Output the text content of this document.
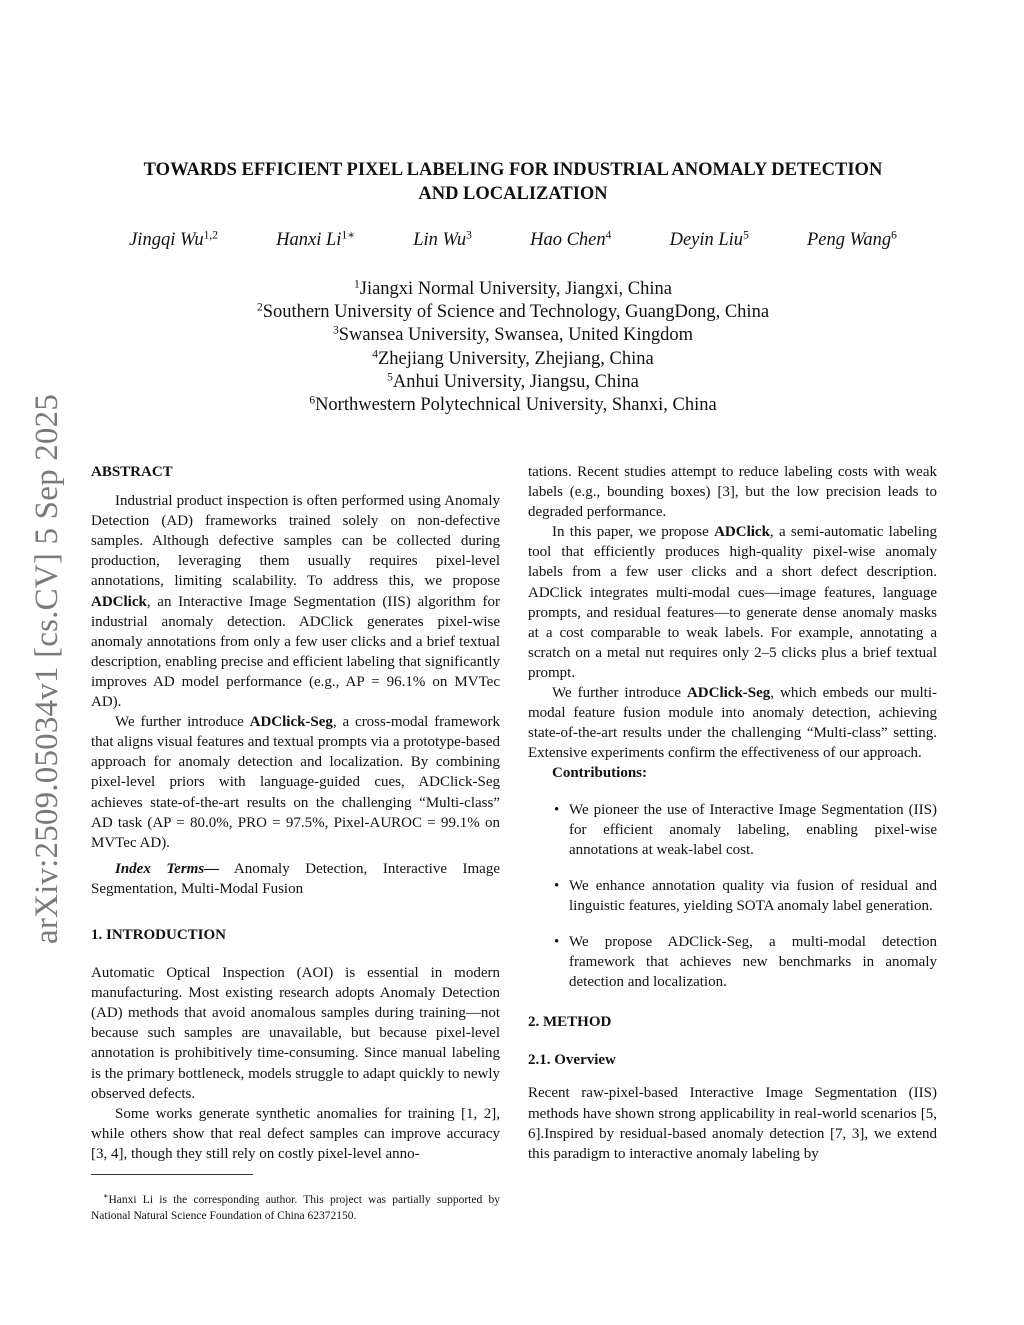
arXiv:2509.05034v1 [cs.CV] 5 Sep 2025
TOWARDS EFFICIENT PIXEL LABELING FOR INDUSTRIAL ANOMALY DETECTION
AND LOCALIZATION
Jingqi Wu$^{1,2}$	Hanxi $Li^{1∗}$	Lin Wu$^3$	Hao Chen$^4$	Deyin Liu$^5$	Peng Wang$^6$
$^1$Jiangxi Normal University, Jiangxi, China
$^2$Southern University of Science and Technology, GuangDong, China
$^3$Swansea University, Swansea, United Kingdom
$^4$Zhejiang University, Zhejiang, China
$^5$Anhui University, Jiangsu, China
$^6$Northwestern Polytechnical University, Shanxi, China

ABSTRACT

Industrial product inspection is often performed using Anomaly Detection (AD) frameworks trained solely on non-defective samples. Although defective samples can be collected during production, leveraging them usually requires pixel-level annotations, limiting scalability. To address this, we propose ADClick, an Interactive Image Segmentation (IIS) algorithm for industrial anomaly detection. ADClick generates pixel-wise anomaly annotations from only a few user clicks and a brief textual description, enabling precise and efficient labeling that significantly improves AD model performance (e.g., AP = 96.1% on MVTec AD).

We further introduce ADClick-Seg, a cross-modal framework that aligns visual features and textual prompts via a prototype-based approach for anomaly detection and localization. By combining pixel-level priors with language-guided cues, ADClick-Seg achieves state-of-the-art results on the challenging “Multi-class” AD task (AP = 80.0%, PRO = 97.5%, Pixel-AUROC = 99.1% on MVTec AD).

Index Terms— Anomaly Detection, Interactive Image Segmentation, Multi-Modal Fusion

1. INTRODUCTION

Automatic Optical Inspection (AOI) is essential in modern manufacturing. Most existing research adopts Anomaly Detection (AD) methods that avoid anomalous samples during training—not because such samples are unavailable, but because pixel-level annotation is prohibitively time-consuming. Since manual labeling is the primary bottleneck, models struggle to adapt quickly to newly observed defects.

Some works generate synthetic anomalies for training [1, 2], while others show that real defect samples can improve accuracy [3, 4], though they still rely on costly pixel-level anno-

tations. Recent studies attempt to reduce labeling costs with weak labels (e.g., bounding boxes) [3], but the low precision leads to degraded performance.

In this paper, we propose ADClick, a semi-automatic labeling tool that efficiently produces high-quality pixel-wise anomaly labels from a few user clicks and a short defect description. ADClick integrates multi-modal cues—image features, language prompts, and residual features—to generate dense anomaly masks at a cost comparable to weak labels. For example, annotating a scratch on a metal nut requires only 2–5 clicks plus a brief textual prompt.

We further introduce ADClick-Seg, which embeds our multi-modal feature fusion module into anomaly detection, achieving state-of-the-art results under the challenging “Multi-class” setting. Extensive experiments confirm the effectiveness of our approach.

Contributions:

• We pioneer the use of Interactive Image Segmentation (IIS) for efficient anomaly labeling, enabling pixel-wise annotations at weak-label cost.
• We enhance annotation quality via fusion of residual and linguistic features, yielding SOTA anomaly label generation.
• We propose ADClick-Seg, a multi-modal detection framework that achieves new benchmarks in anomaly detection and localization.

2. METHOD

2.1. Overview

Recent raw-pixel-based Interactive Image Segmentation (IIS) methods have shown strong applicability in real-world scenarios [5, 6].Inspired by residual-based anomaly detection [7, 3], we extend this paradigm to interactive anomaly labeling by

∗Hanxi Li is the corresponding author. This project was partially supported by National Natural Science Foundation of China 62372150.
